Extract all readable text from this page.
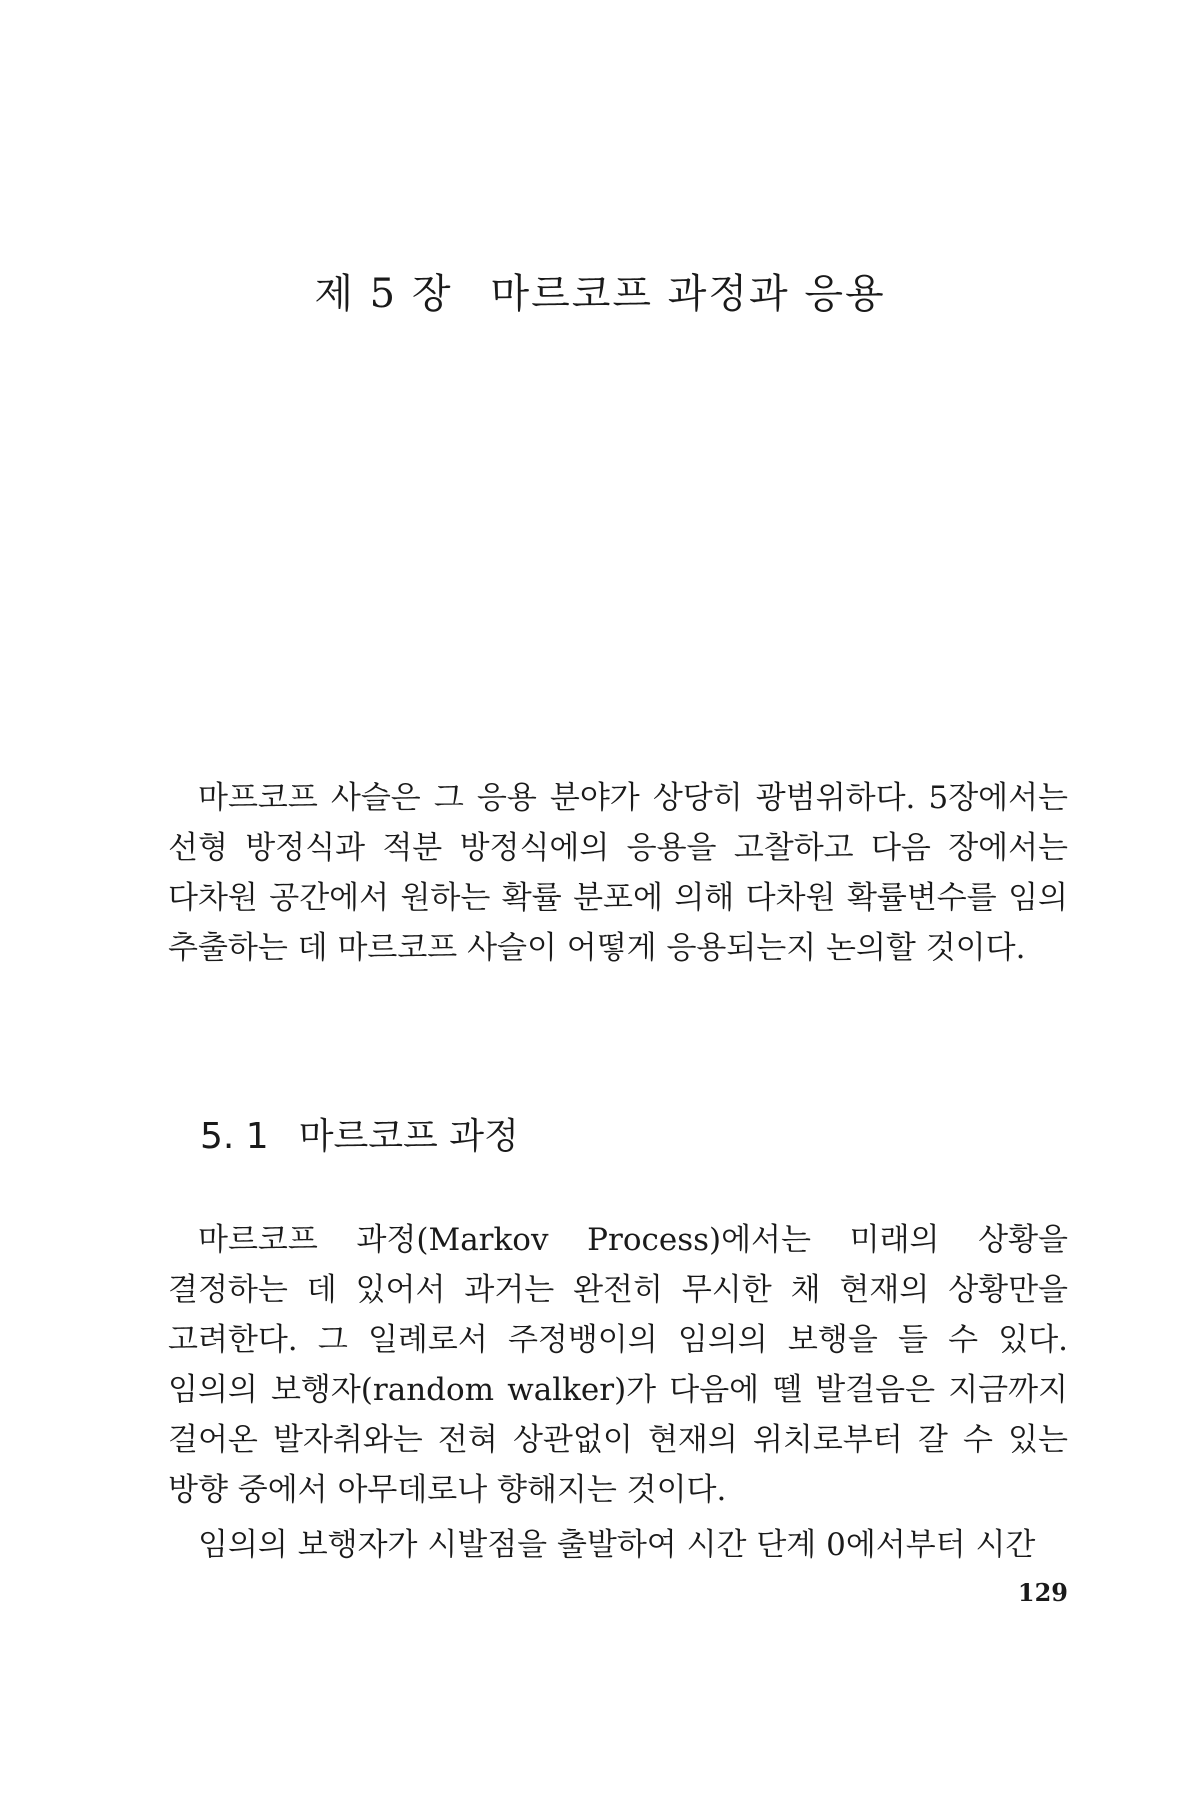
제 5 장 마르코프 과정과 응용

마프코프 사슬은 그 응용 분야가 상당히 광범위하다. 5장에서는 선형 방정식과 적분 방정식에의 응용을 고찰하고 다음 장에서는 다차원 공간에서 원하는 확률 분포에 의해 다차원 확률변수를 임의 추출하는 데 마르코프 사슬이 어떻게 응용되는지 논의할 것이다.

5. 1 마르코프 과정

마르코프 과정(Markov Process)에서는 미래의 상황을 결정하는 데 있어서 과거는 완전히 무시한 채 현재의 상황만을 고려한다. 그 일례로서 주정뱅이의 임의의 보행을 들 수 있다. 임의의 보행자(random walker)가 다음에 뗄 발걸음은 지금까지 걸어온 발자취와는 전혀 상관없이 현재의 위치로부터 갈 수 있는 방향 중에서 아무데로나 향해지는 것이다.

임의의 보행자가 시발점을 출발하여 시간 단계 0에서부터 시간

129
